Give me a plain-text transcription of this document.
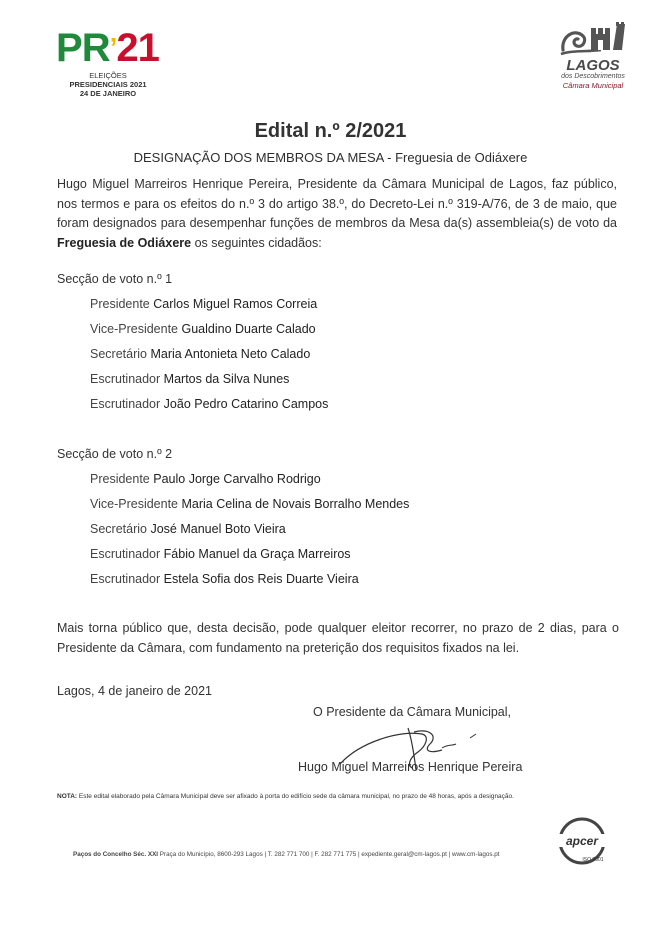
PR’21
ELEIÇÕES
PRESIDENCIAIS 2021
24 DE JANEIRO
LAGOS
dos Descobrimentos
Câmara Municipal
Edital n.º 2/2021
DESIGNAÇÃO DOS MEMBROS DA MESA - Freguesia de Odiáxere
Hugo Miguel Marreiros Henrique Pereira, Presidente da Câmara Municipal de Lagos, faz público, nos termos e para os efeitos do n.º 3 do artigo 38.º, do Decreto-Lei n.º 319-A/76, de 3 de maio, que foram designados para desempenhar funções de membros da Mesa da(s) assembleia(s) de voto da Freguesia de Odiáxere os seguintes cidadãos:
Secção de voto n.º 1
Presidente Carlos Miguel Ramos Correia
Vice-Presidente Gualdino Duarte Calado
Secretário Maria Antonieta Neto Calado
Escrutinador Martos da Silva Nunes
Escrutinador João Pedro Catarino Campos
Secção de voto n.º 2
Presidente Paulo Jorge Carvalho Rodrigo
Vice-Presidente Maria Celina de Novais Borralho Mendes
Secretário José Manuel Boto Vieira
Escrutinador Fábio Manuel da Graça Marreiros
Escrutinador Estela Sofia dos Reis Duarte Vieira
Mais torna público que, desta decisão, pode qualquer eleitor recorrer, no prazo de 2 dias, para o Presidente da Câmara, com fundamento na preterição dos requisitos fixados na lei.
Lagos, 4 de janeiro de 2021
O Presidente da Câmara Municipal,
Hugo Miguel Marreiros Henrique Pereira
NOTA: Este edital elaborado pela Câmara Municipal deve ser afixado à porta do edifício sede da câmara municipal, no prazo de 48 horas, após a designação.
Paços do Concelho Séc. XXI Praça do Município, 8600-293 Lagos | T. 282 771 700 | F. 282 771 775 | expediente.geral@cm-lagos.pt | www.cm-lagos.pt
apcer
ISO 9001
